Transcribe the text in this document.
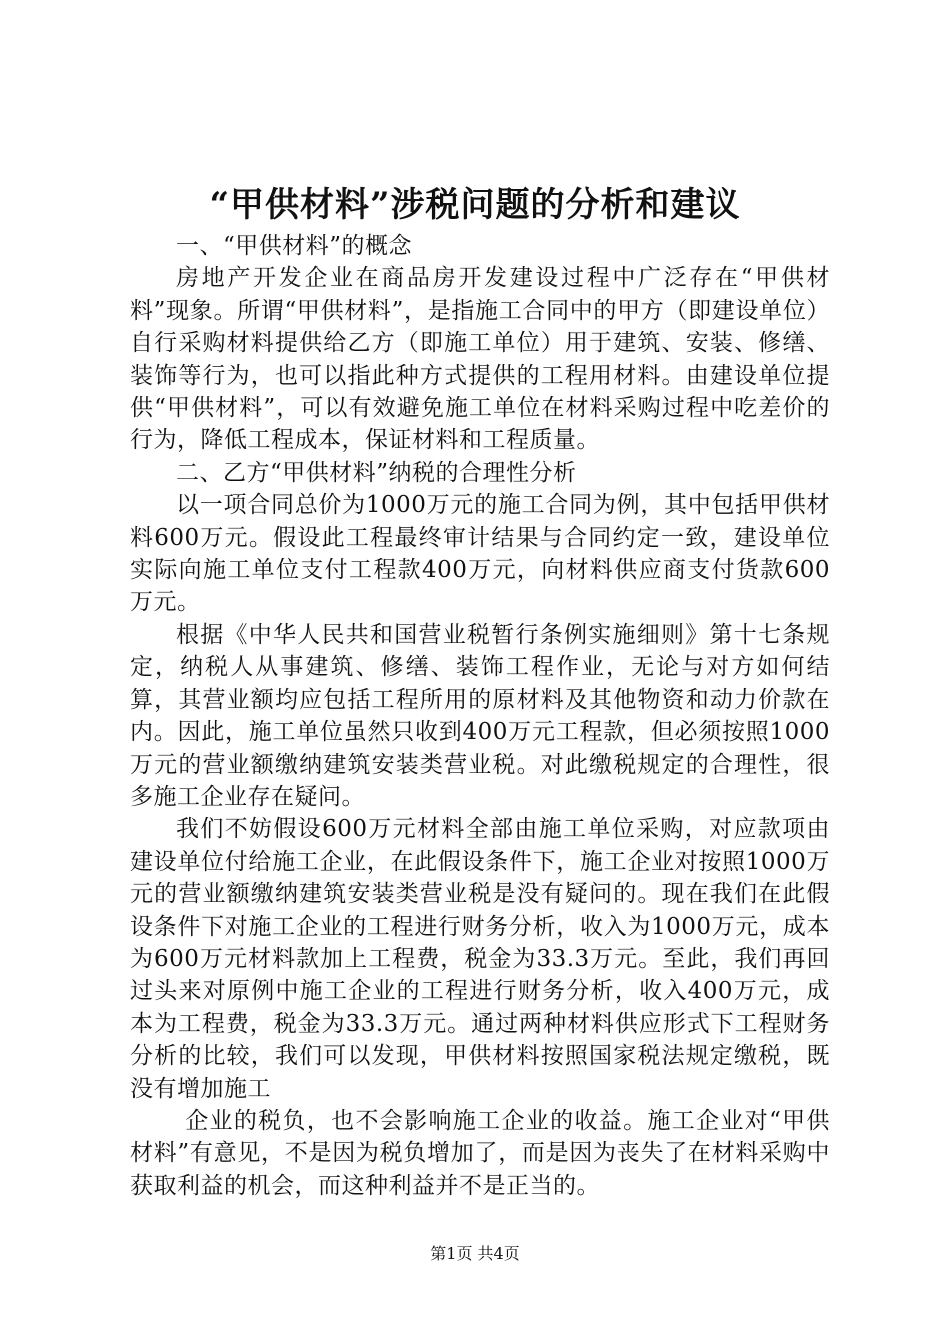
“甲供材料”涉税问题的分析和建议

一、“甲供材料”的概念

房地产开发企业在商品房开发建设过程中广泛存在“甲供材料”现象。所谓“甲供材料”，是指施工合同中的甲方（即建设单位）自行采购材料提供给乙方（即施工单位）用于建筑、安装、修缮、装饰等行为，也可以指此种方式提供的工程用材料。由建设单位提供“甲供材料”，可以有效避免施工单位在材料采购过程中吃差价的行为，降低工程成本，保证材料和工程质量。

二、乙方“甲供材料”纳税的合理性分析

以一项合同总价为1000万元的施工合同为例，其中包括甲供材料600万元。假设此工程最终审计结果与合同约定一致，建设单位实际向施工单位支付工程款400万元，向材料供应商支付货款600万元。

根据《中华人民共和国营业税暂行条例实施细则》第十七条规定，纳税人从事建筑、修缮、装饰工程作业，无论与对方如何结算，其营业额均应包括工程所用的原材料及其他物资和动力价款在内。因此，施工单位虽然只收到400万元工程款，但必须按照1000万元的营业额缴纳建筑安装类营业税。对此缴税规定的合理性，很多施工企业存在疑问。

我们不妨假设600万元材料全部由施工单位采购，对应款项由建设单位付给施工企业，在此假设条件下，施工企业对按照1000万元的营业额缴纳建筑安装类营业税是没有疑问的。现在我们在此假设条件下对施工企业的工程进行财务分析，收入为1000万元，成本为600万元材料款加上工程费，税金为33.3万元。至此，我们再回过头来对原例中施工企业的工程进行财务分析，收入400万元，成本为工程费，税金为33.3万元。通过两种材料供应形式下工程财务分析的比较，我们可以发现，甲供材料按照国家税法规定缴税，既没有增加施工

企业的税负，也不会影响施工企业的收益。施工企业对“甲供材料”有意见，不是因为税负增加了，而是因为丧失了在材料采购中获取利益的机会，而这种利益并不是正当的。

第1页 共4页
